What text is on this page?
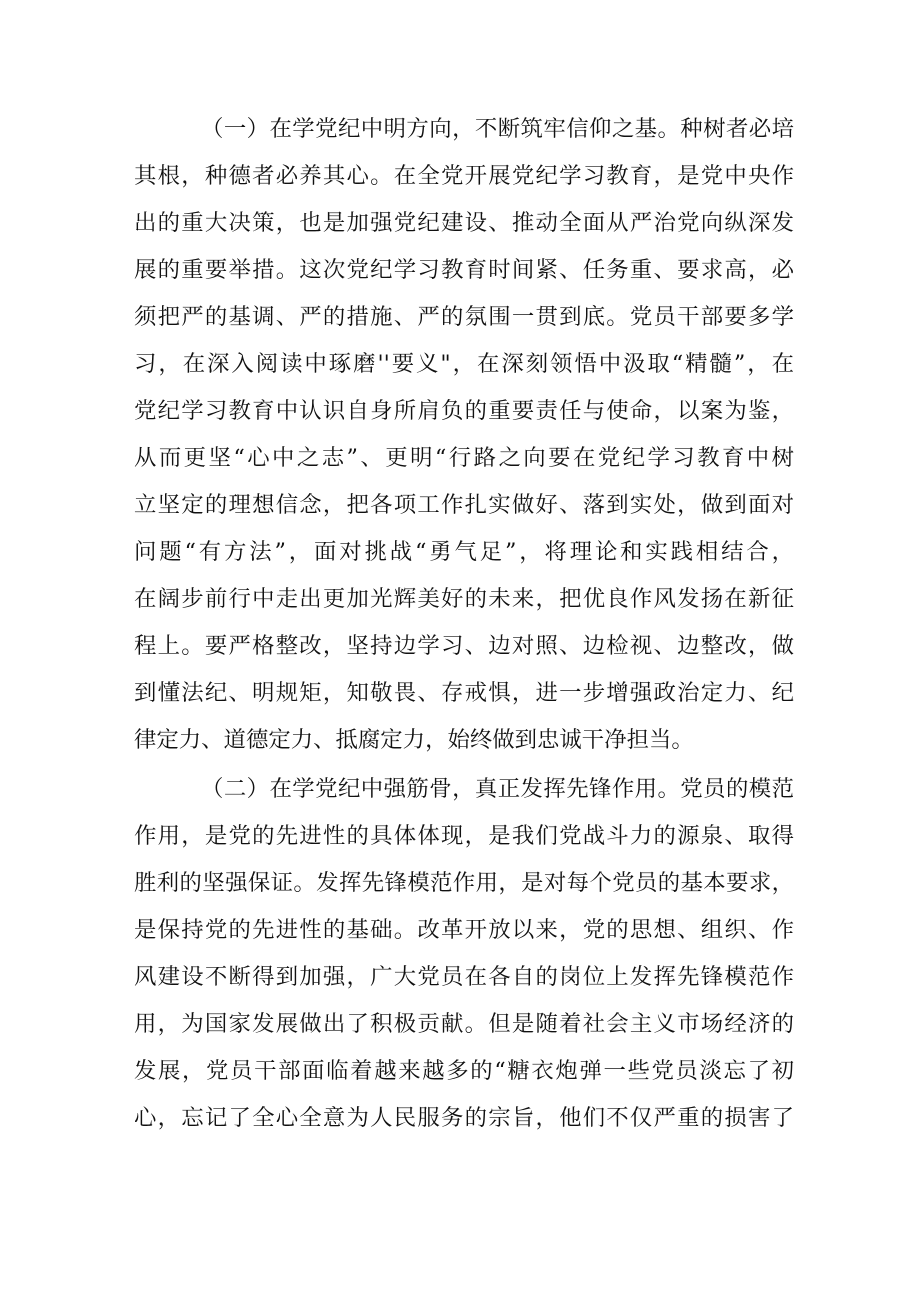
（一）在学党纪中明方向，不断筑牢信仰之基。种树者必培
其根，种德者必养其心。在全党开展党纪学习教育，是党中央作
出的重大决策，也是加强党纪建设、推动全面从严治党向纵深发
展的重要举措。这次党纪学习教育时间紧、任务重、要求高，必
须把严的基调、严的措施、严的氛围一贯到底。党员干部要多学
习，在深入阅读中琢磨''要义"，在深刻领悟中汲取“精髓”，在
党纪学习教育中认识自身所肩负的重要责任与使命，以案为鉴，
从而更坚“心中之志”、更明“行路之向要在党纪学习教育中树
立坚定的理想信念，把各项工作扎实做好、落到实处，做到面对
问题“有方法”，面对挑战“勇气足”，将理论和实践相结合，
在阔步前行中走出更加光辉美好的未来，把优良作风发扬在新征
程上。要严格整改，坚持边学习、边对照、边检视、边整改，做
到懂法纪、明规矩，知敬畏、存戒惧，进一步增强政治定力、纪
律定力、道德定力、抵腐定力，始终做到忠诚干净担当。
（二）在学党纪中强筋骨，真正发挥先锋作用。党员的模范
作用，是党的先进性的具体体现，是我们党战斗力的源泉、取得
胜利的坚强保证。发挥先锋模范作用，是对每个党员的基本要求，
是保持党的先进性的基础。改革开放以来，党的思想、组织、作
风建设不断得到加强，广大党员在各自的岗位上发挥先锋模范作
用，为国家发展做出了积极贡献。但是随着社会主义市场经济的
发展，党员干部面临着越来越多的“糖衣炮弹一些党员淡忘了初
心，忘记了全心全意为人民服务的宗旨，他们不仅严重的损害了
